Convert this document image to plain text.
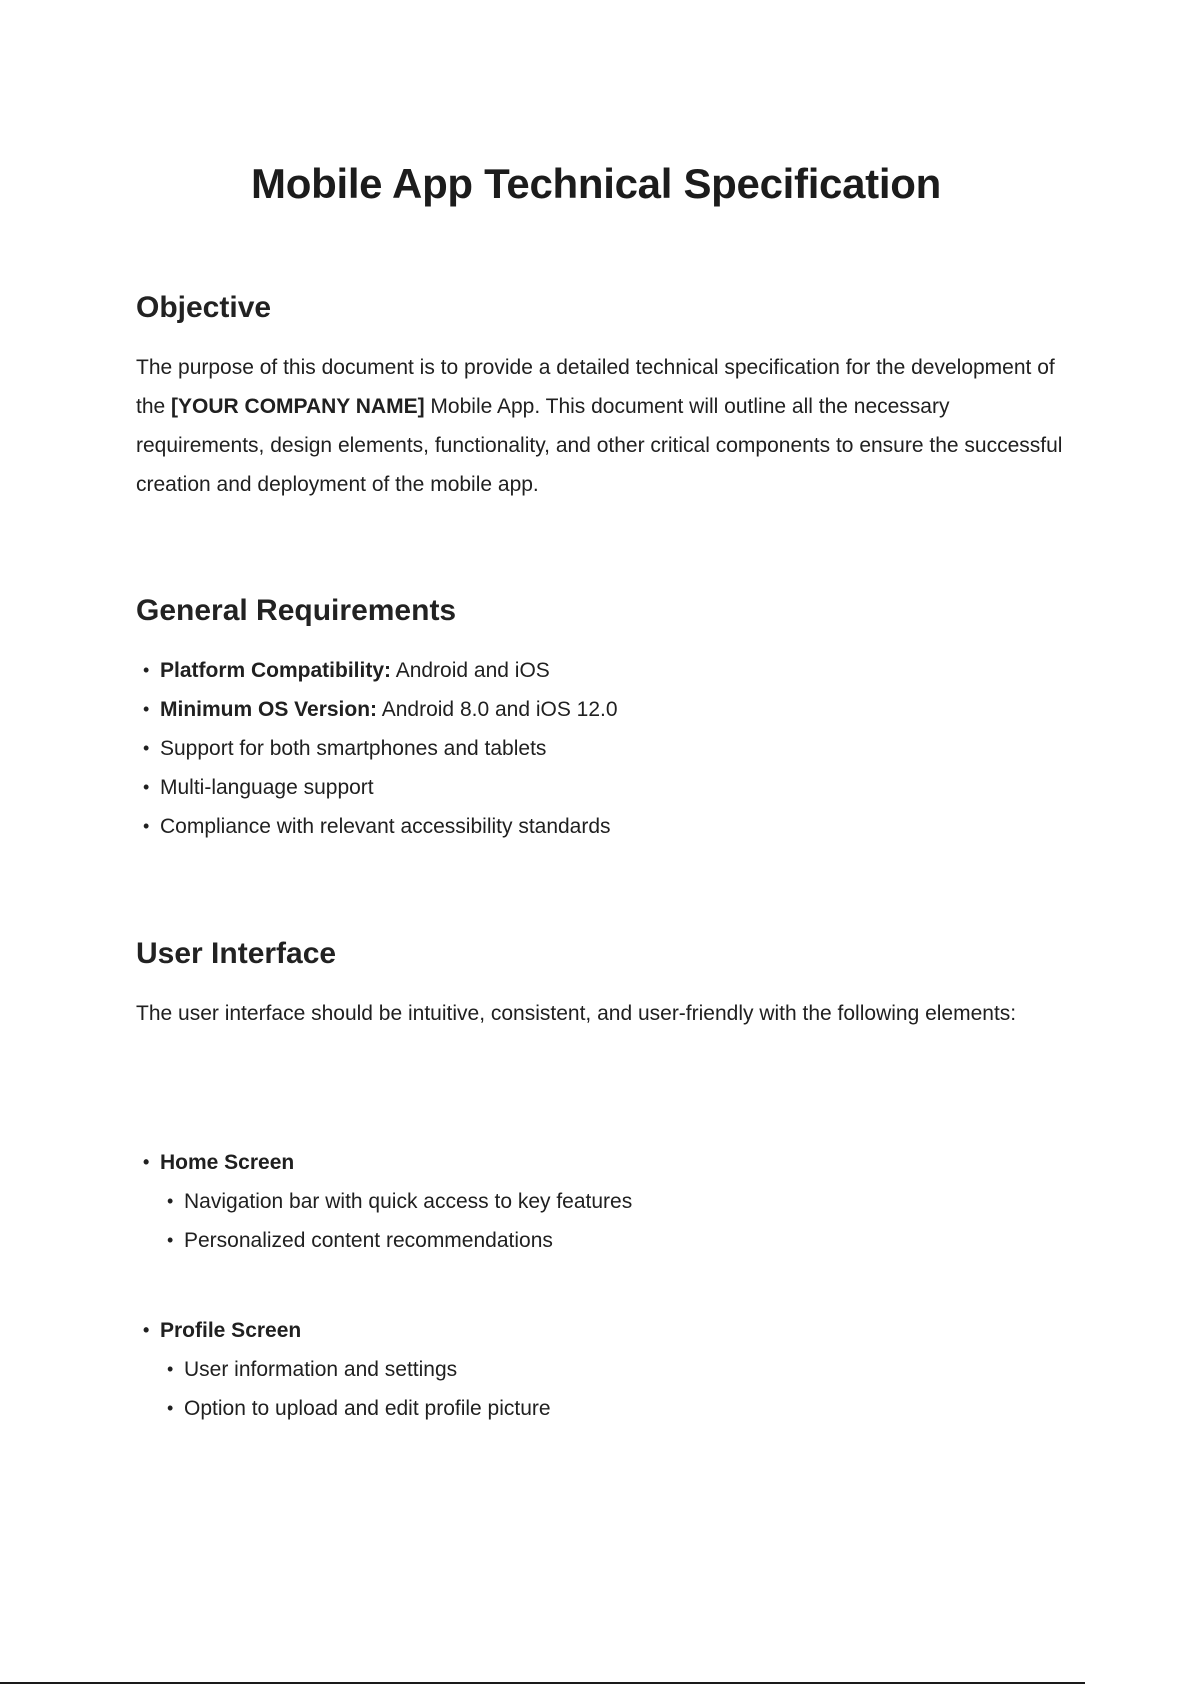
Mobile App Technical Specification
Objective

The purpose of this document is to provide a detailed technical specification for the development of the [YOUR COMPANY NAME] Mobile App. This document will outline all the necessary requirements, design elements, functionality, and other critical components to ensure the successful creation and deployment of the mobile app.

General Requirements
• Platform Compatibility: Android and iOS
• Minimum OS Version: Android 8.0 and iOS 12.0
• Support for both smartphones and tablets
• Multi-language support
• Compliance with relevant accessibility standards
User Interface

The user interface should be intuitive, consistent, and user-friendly with the following elements:

• Home Screen
• Navigation bar with quick access to key features
• Personalized content recommendations
• Profile Screen
• User information and settings
• Option to upload and edit profile picture
